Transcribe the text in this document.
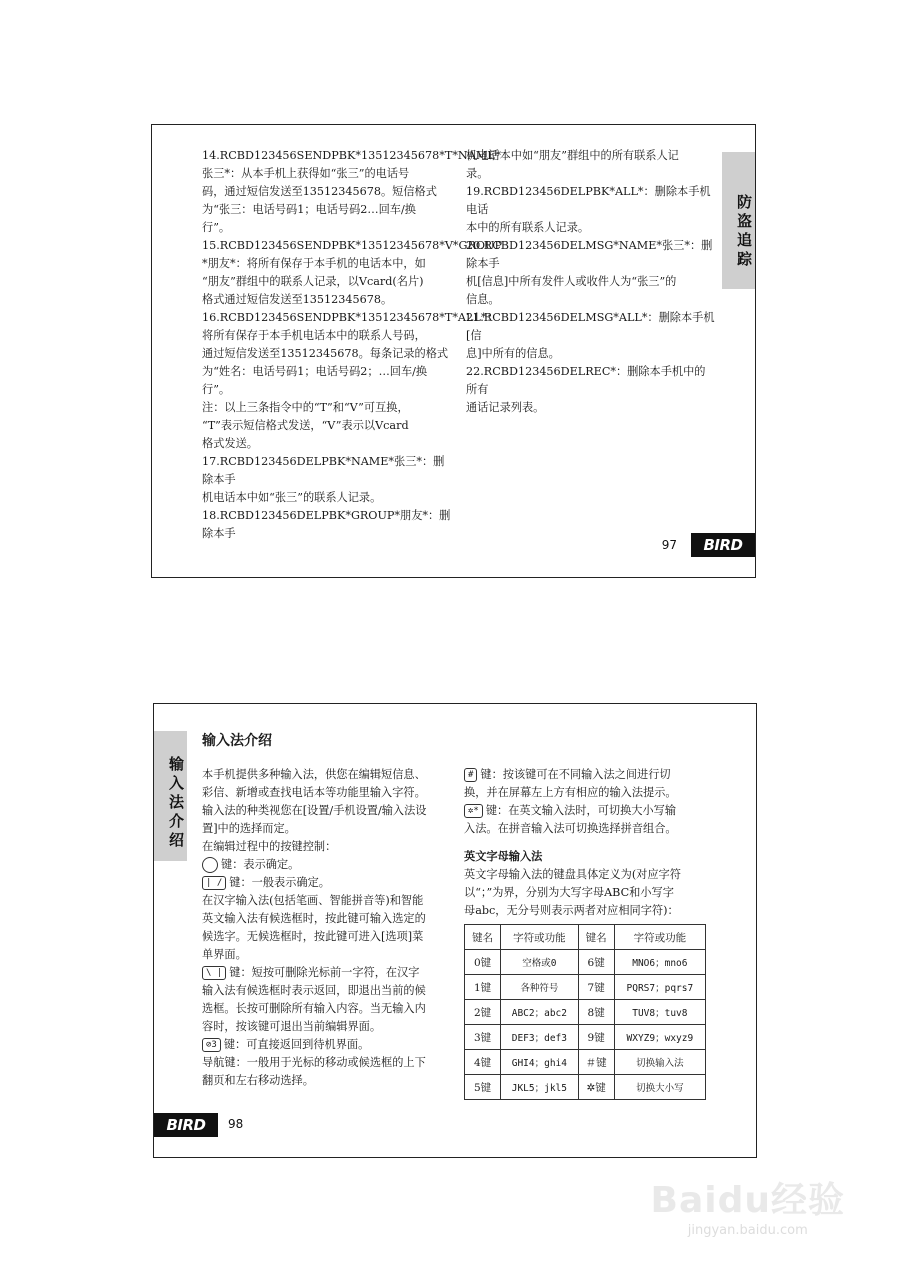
14.RCBD123456SENDPBK*13512345678*T*NAME*

张三*：从本手机上获得如“张三”的电话号

码，通过短信发送至13512345678。短信格式

为“张三：电话号码1；电话号码2…回车/换

行”。

15.RCBD123456SENDPBK*13512345678*V*GROUP

*朋友*：将所有保存于本手机的电话本中，如

“朋友”群组中的联系人记录，以Vcard(名片)

格式通过短信发送至13512345678。

16.RCBD123456SENDPBK*13512345678*T*ALL*：

将所有保存于本手机电话本中的联系人号码，

通过短信发送至13512345678。每条记录的格式

为“姓名：电话号码1；电话号码2；…回车/换

行”。

注：以上三条指令中的“T”和“V”可互换，

“T”表示短信格式发送，“V”表示以Vcard

格式发送。

17.RCBD123456DELPBK*NAME*张三*：删除本手

机电话本中如“张三”的联系人记录。

18.RCBD123456DELPBK*GROUP*朋友*：删除本手

机电话本中如“朋友”群组中的所有联系人记

录。

19.RCBD123456DELPBK*ALL*：删除本手机电话

本中的所有联系人记录。

20.RCBD123456DELMSG*NAME*张三*：删除本手

机[信息]中所有发件人或收件人为“张三”的

信息。

21.RCBD123456DELMSG*ALL*：删除本手机[信

息]中所有的信息。

22.RCBD123456DELREC*：删除本手机中的所有

通话记录列表。

防盗追踪
97	BIRD
输入法介绍
输入法介绍

本手机提供多种输入法，供您在编辑短信息、

彩信、新增或查找电话本等功能里输入字符。

输入法的种类视您在[设置/手机设置/输入法设

置]中的选择而定。

在编辑过程中的按键控制：

键：表示确定。

| / 键：一般表示确定。

在汉字输入法(包括笔画、智能拼音等)和智能

英文输入法有候选框时，按此键可输入选定的

候选字。无候选框时，按此键可进入[选项]菜

单界面。

\ | 键：短按可删除光标前一字符，在汉字

输入法有候选框时表示返回，即退出当前的候

选框。长按可删除所有输入内容。当无输入内

容时，按该键可退出当前编辑界面。

⊘3 键：可直接返回到待机界面。

导航键：一般用于光标的移动或候选框的上下

翻页和左右移动选择。

# 键：按该键可在不同输入法之间进行切

换，并在屏幕左上方有相应的输入法提示。

✲* 键：在英文输入法时，可切换大小写输

入法。在拼音输入法可切换选择拼音组合。

英文字母输入法

英文字母输入法的键盘具体定义为(对应字符

以“；”为界，分别为大写字母ABC和小写字

母abc，无分号则表示两者对应相同字符)：

键名	字符或功能	键名	字符或功能
0键	空格或0	6键	MNO6；mno6
1键	各种符号	7键	PQRS7；pqrs7
2键	ABC2；abc2	8键	TUV8；tuv8
3键	DEF3；def3	9键	WXYZ9；wxyz9
4键	GHI4；ghi4	＃键	切换输入法
5键	JKL5；jkl5	✲键	切换大小写
BIRD	98
Baidu经验
jingyan.baidu.com
